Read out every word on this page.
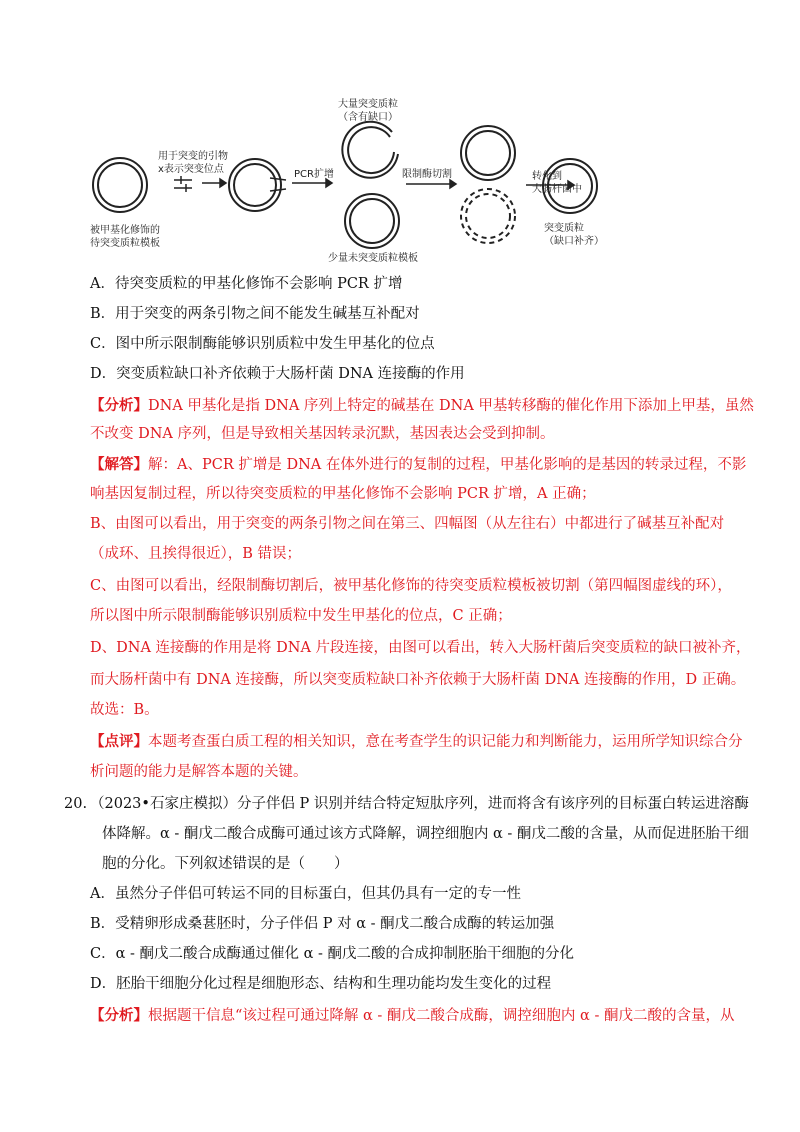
被甲基化修饰的
待突变质粒模板
用于突变的引物
x表示突变位点	PCR扩增
大量突变质粒
（含有缺口）
少量未突变质粒模板
限制酶切割	转化到
大肠杆菌中
突变质粒
（缺口补齐）
A．待突变质粒的甲基化修饰不会影响 PCR 扩增
B．用于突变的两条引物之间不能发生碱基互补配对
C．图中所示限制酶能够识别质粒中发生甲基化的位点
D．突变质粒缺口补齐依赖于大肠杆菌 DNA 连接酶的作用
【分析】DNA 甲基化是指 DNA 序列上特定的碱基在 DNA 甲基转移酶的催化作用下添加上甲基，虽然
不改变 DNA 序列，但是导致相关基因转录沉默，基因表达会受到抑制。
【解答】解：A、PCR 扩增是 DNA 在体外进行的复制的过程，甲基化影响的是基因的转录过程，不影
响基因复制过程，所以待突变质粒的甲基化修饰不会影响 PCR 扩增，A 正确；
B、由图可以看出，用于突变的两条引物之间在第三、四幅图（从左往右）中都进行了碱基互补配对
（成环、且挨得很近），B 错误；
C、由图可以看出，经限制酶切割后，被甲基化修饰的待突变质粒模板被切割（第四幅图虚线的环），
所以图中所示限制酶能够识别质粒中发生甲基化的位点，C 正确；
D、DNA 连接酶的作用是将 DNA 片段连接，由图可以看出，转入大肠杆菌后突变质粒的缺口被补齐，
而大肠杆菌中有 DNA 连接酶，所以突变质粒缺口补齐依赖于大肠杆菌 DNA 连接酶的作用，D 正确。
故选：B。
【点评】本题考查蛋白质工程的相关知识，意在考查学生的识记能力和判断能力，运用所学知识综合分
析问题的能力是解答本题的关键。
20. （2023•石家庄模拟）分子伴侣 P 识别并结合特定短肽序列，进而将含有该序列的目标蛋白转运进溶酶
体降解。α - 酮戊二酸合成酶可通过该方式降解，调控细胞内 α - 酮戊二酸的含量，从而促进胚胎干细
胞的分化。下列叙述错误的是（　　）
A．虽然分子伴侣可转运不同的目标蛋白，但其仍具有一定的专一性
B．受精卵形成桑葚胚时，分子伴侣 P 对 α - 酮戊二酸合成酶的转运加强
C．α - 酮戊二酸合成酶通过催化 α - 酮戊二酸的合成抑制胚胎干细胞的分化
D．胚胎干细胞分化过程是细胞形态、结构和生理功能均发生变化的过程
【分析】根据题干信息“该过程可通过降解 α - 酮戊二酸合成酶，调控细胞内 α - 酮戊二酸的含量，从
